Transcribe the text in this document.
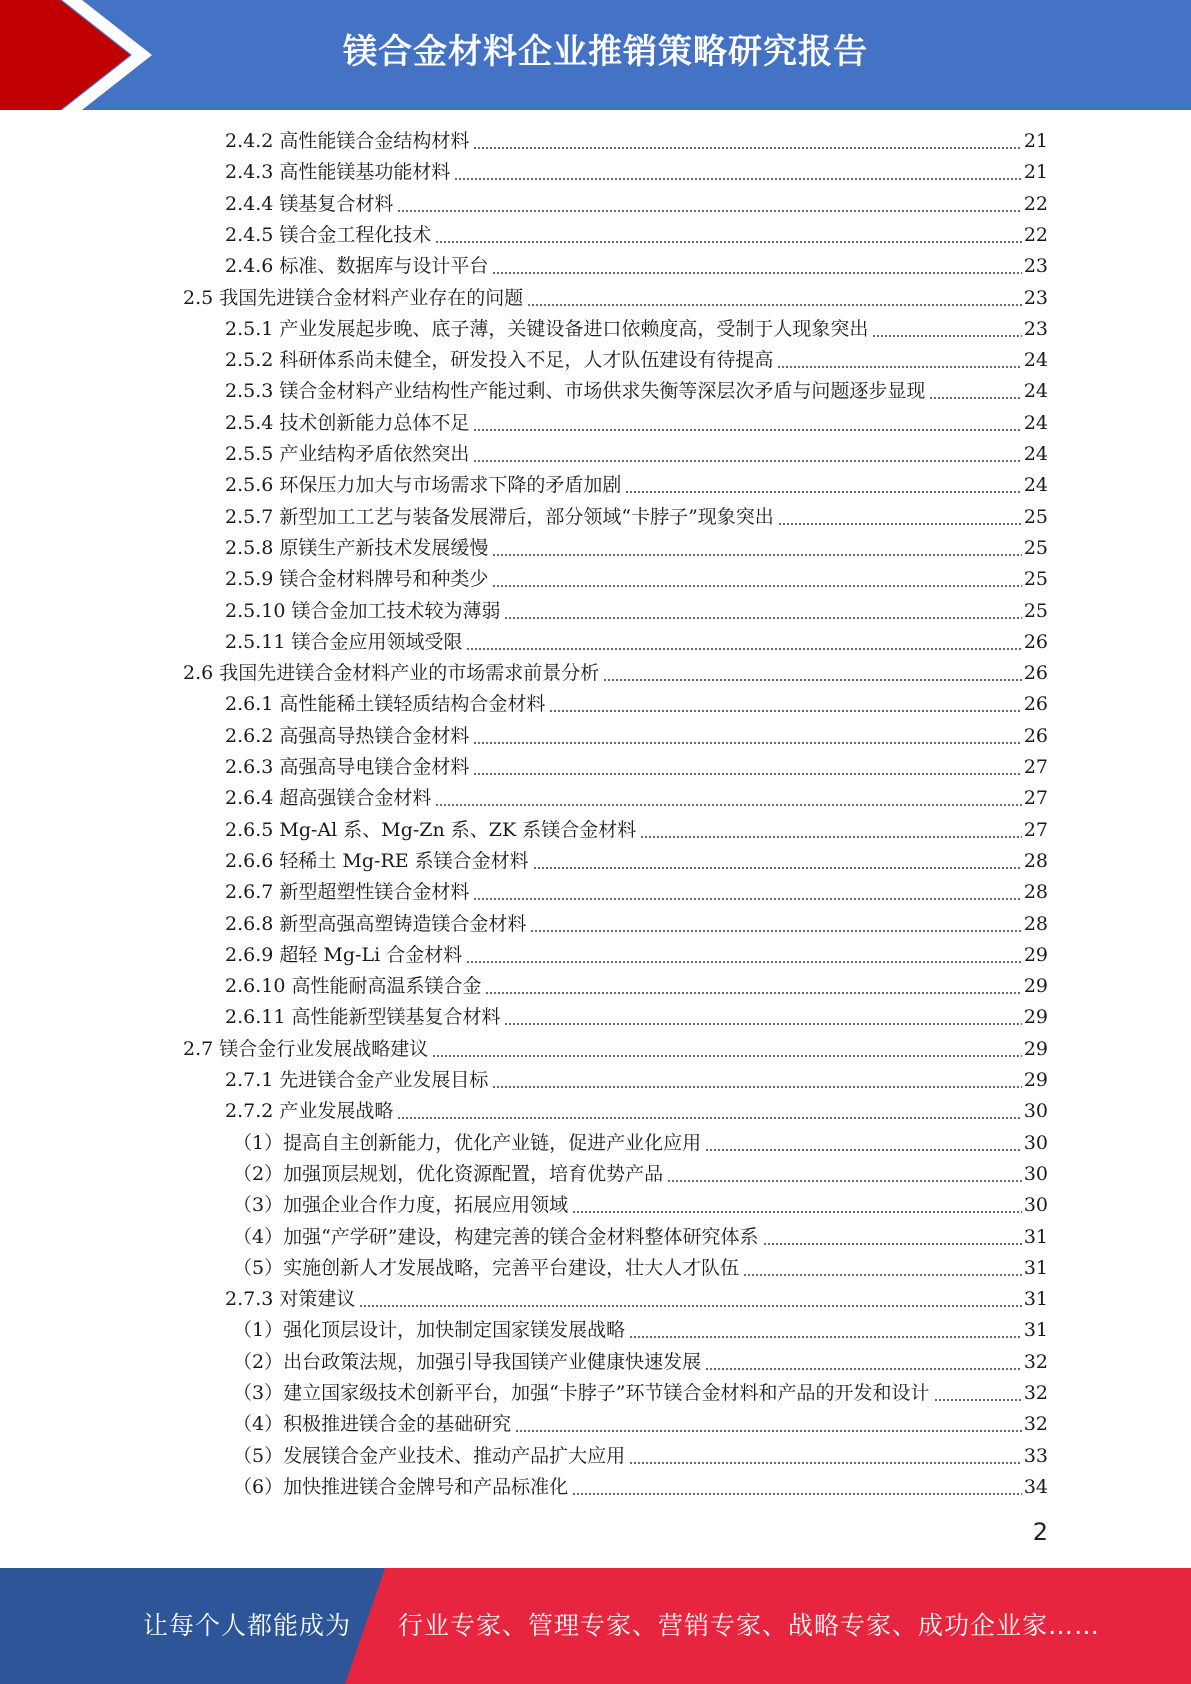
镁合金材料企业推销策略研究报告
2.4.2 高性能镁合金结构材料	21
2.4.3 高性能镁基功能材料	21
2.4.4 镁基复合材料	22
2.4.5 镁合金工程化技术	22
2.4.6 标准、数据库与设计平台	23
2.5 我国先进镁合金材料产业存在的问题	23
2.5.1 产业发展起步晚、底子薄，关键设备进口依赖度高，受制于人现象突出	23
2.5.2 科研体系尚未健全，研发投入不足，人才队伍建设有待提高	24
2.5.3 镁合金材料产业结构性产能过剩、市场供求失衡等深层次矛盾与问题逐步显现	24
2.5.4 技术创新能力总体不足	24
2.5.5 产业结构矛盾依然突出	24
2.5.6 环保压力加大与市场需求下降的矛盾加剧	24
2.5.7 新型加工工艺与装备发展滞后，部分领域“卡脖子”现象突出	25
2.5.8 原镁生产新技术发展缓慢	25
2.5.9 镁合金材料牌号和种类少	25
2.5.10 镁合金加工技术较为薄弱	25
2.5.11 镁合金应用领域受限	26
2.6 我国先进镁合金材料产业的市场需求前景分析	26
2.6.1 高性能稀土镁轻质结构合金材料	26
2.6.2 高强高导热镁合金材料	26
2.6.3 高强高导电镁合金材料	27
2.6.4 超高强镁合金材料	27
2.6.5 Mg-Al 系、Mg-Zn 系、ZK 系镁合金材料	27
2.6.6 轻稀土 Mg-RE 系镁合金材料	28
2.6.7 新型超塑性镁合金材料	28
2.6.8 新型高强高塑铸造镁合金材料	28
2.6.9 超轻 Mg-Li 合金材料	29
2.6.10 高性能耐高温系镁合金	29
2.6.11 高性能新型镁基复合材料	29
2.7 镁合金行业发展战略建议	29
2.7.1 先进镁合金产业发展目标	29
2.7.2 产业发展战略	30
（1）提高自主创新能力，优化产业链，促进产业化应用	30
（2）加强顶层规划，优化资源配置，培育优势产品	30
（3）加强企业合作力度，拓展应用领域	30
（4）加强“产学研”建设，构建完善的镁合金材料整体研究体系	31
（5）实施创新人才发展战略，完善平台建设，壮大人才队伍	31
2.7.3 对策建议	31
（1）强化顶层设计，加快制定国家镁发展战略	31
（2）出台政策法规，加强引导我国镁产业健康快速发展	32
（3）建立国家级技术创新平台，加强“卡脖子”环节镁合金材料和产品的开发和设计	32
（4）积极推进镁合金的基础研究	32
（5）发展镁合金产业技术、推动产品扩大应用	33
（6）加快推进镁合金牌号和产品标准化	34
2
让每个人都能成为 行业专家、管理专家、营销专家、战略专家、成功企业家……
